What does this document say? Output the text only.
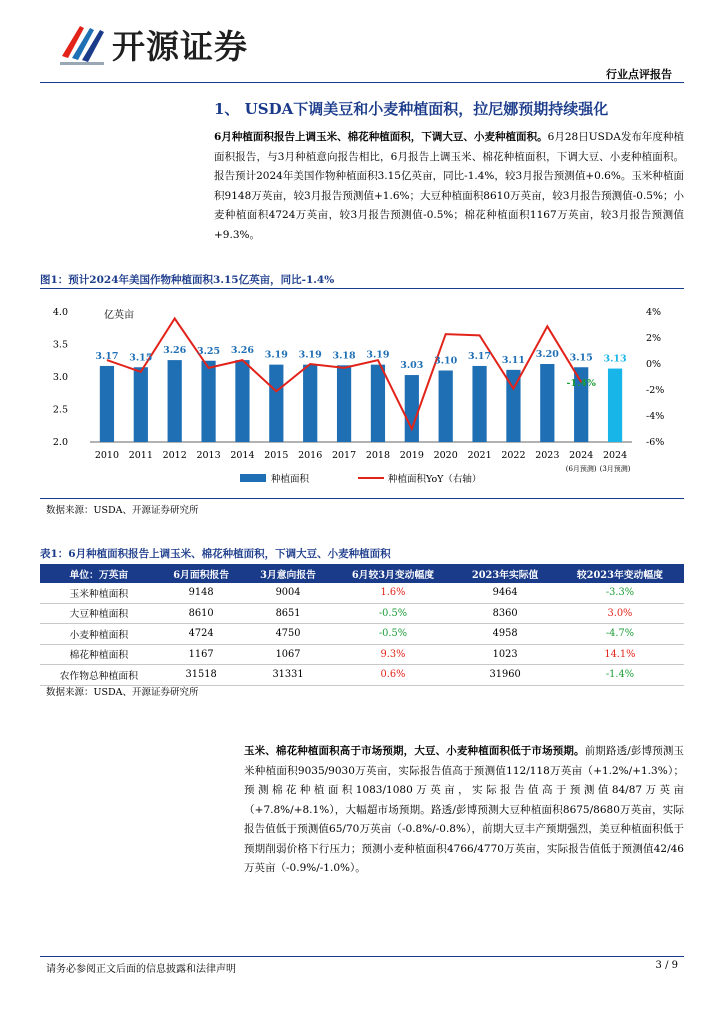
开源证券
行业点评报告
1、 USDA下调美豆和小麦种植面积，拉尼娜预期持续强化
6月种植面积报告上调玉米、棉花种植面积，下调大豆、小麦种植面积。6月28日USDA发布年度种植面积报告，与3月种植意向报告相比，6月报告上调玉米、棉花种植面积，下调大豆、小麦种植面积。报告预计2024年美国作物种植面积3.15亿英亩，同比-1.4%，较3月报告预测值+0.6%。玉米种植面积9148万英亩，较3月报告预测值+1.6%；大豆种植面积8610万英亩，较3月报告预测值-0.5%；小麦种植面积4724万英亩，较3月报告预测值-0.5%；棉花种植面积1167万英亩，较3月报告预测值+9.3%。
图1：预计2024年美国作物种植面积3.15亿英亩，同比-1.4%
2.0
2.5
3.0
3.5
4.0
-6%
-4%
-2%
0%
2%
4%
亿英亩
3.17 3.15
3.26 3.25 3.26 3.19 3.19 3.18 3.19
3.03 3.10 3.17 3.11
3.20 3.15 3.13
2010 2011 2012 2013 2014 2015 2016 2017 2018 2019 2020 2021 2022 2023 2024
(6月预测)
2024
(3月预测)
-1.4%
种植面积	种植面积YoY（右轴）
数据来源：USDA、开源证券研究所
表1：6月种植面积报告上调玉米、棉花种植面积，下调大豆、小麦种植面积
单位：万英亩	6月面积报告	3月意向报告	6月较3月变动幅度	2023年实际值	较2023年变动幅度
玉米种植面积	9148	9004	1.6%	9464	-3.3%
大豆种植面积	8610	8651	-0.5%	8360	3.0%
小麦种植面积	4724	4750	-0.5%	4958	-4.7%
棉花种植面积	1167	1067	9.3%	1023	14.1%
农作物总种植面积	31518	31331	0.6%	31960	-1.4%
数据来源：USDA、开源证券研究所
玉米、棉花种植面积高于市场预期，大豆、小麦种植面积低于市场预期。前期路透/彭博预测玉米种植面积9035/9030万英亩，实际报告值高于预测值112/118万英亩（+1.2%/+1.3%）；预测棉花种植面积1083/1080万英亩，实际报告值高于预测值84/87万英亩（+7.8%/+8.1%），大幅超市场预期。路透/彭博预测大豆种植面积8675/8680万英亩，实际报告值低于预测值65/70万英亩（-0.8%/-0.8%），前期大豆丰产预期强烈，美豆种植面积低于预期削弱价格下行压力；预测小麦种植面积4766/4770万英亩，实际报告值低于预测值42/46万英亩（-0.9%/-1.0%）。
请务必参阅正文后面的信息披露和法律声明	3 / 9
